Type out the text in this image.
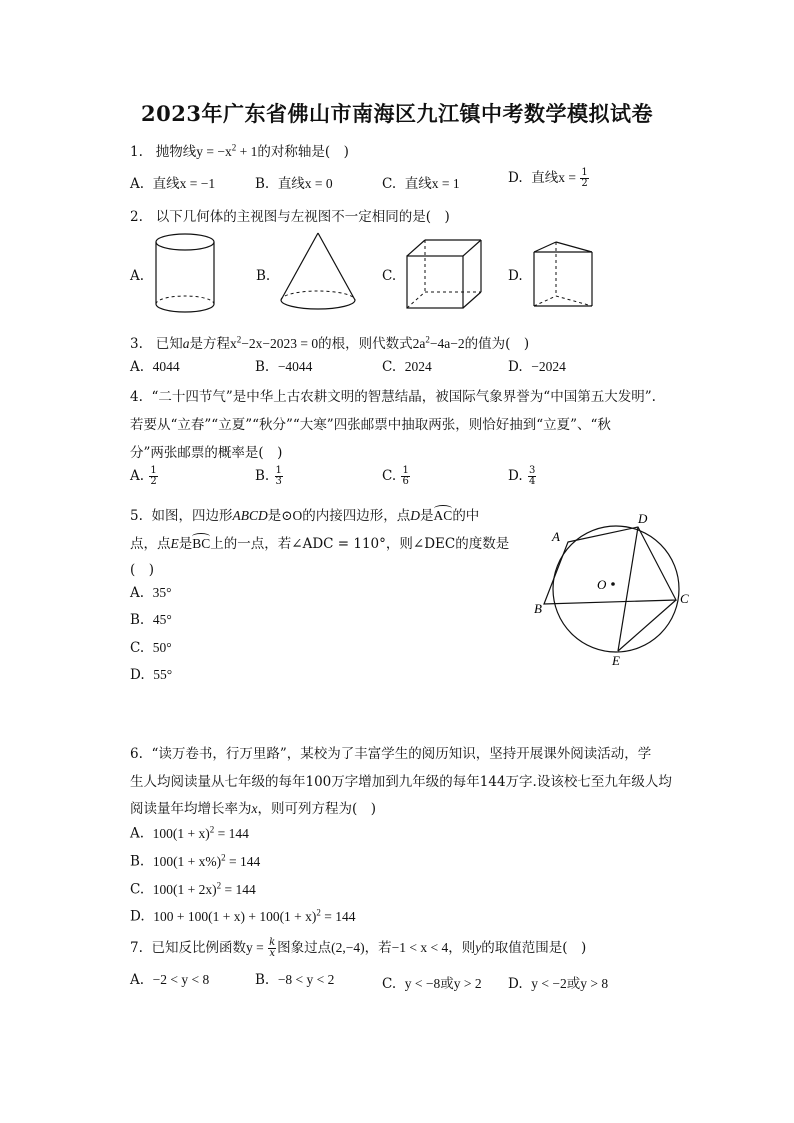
2023年广东省佛山市南海区九江镇中考数学模拟试卷
1. 抛物线$y = -x^2 + 1$的对称轴是(　)
A. 直线x = −1	B. 直线x = 0	C. 直线x = 1	D. 直线$x = \frac{1}{2}$
2. 以下几何体的主视图与左视图不一定相同的是(　)
A.	B.	C.	D.
3. 已知a是方程$x^2-2x-2023 = 0$的根，则代数式$2a^2-4a-2$的值为(　)
A. 4044	B. −4044	C. 2024	D. −2024
4. “二十四节气”是中华上古农耕文明的智慧结晶，被国际气象界誉为“中国第五大发明”.
若要从“立春”“立夏”“秋分”“大寒”四张邮票中抽取两张，则恰好抽到“立夏”、“秋
分”两张邮票的概率是(　)
A. $\frac{1}{2}$	B. $\frac{1}{3}$	C. $\frac{1}{6}$	D. $\frac{3}{4}$
5. 如图，四边形ABCD是⊙O的内接四边形，点D是AC的中
点，点E是BC上的一点，若∠ADC = 110°，则∠DEC的度数是
(　)
A. 35°
B. 45°
C. 50°
D. 55°
A
D
C
B
E
O
6. “读万卷书，行万里路”，某校为了丰富学生的阅历知识，坚持开展课外阅读活动，学
生人均阅读量从七年级的每年100万字增加到九年级的每年144万字.设该校七至九年级人均
阅读量年均增长率为x，则可列方程为(　)
A. $100(1 + x)^2 = 144$
B. $100(1 + x\%)^2 = 144$
C. $100(1 + 2x)^2 = 144$
D. $100 + 100(1 + x) + 100(1 + x)^2 = 144$
7. 已知反比例函数$y = \frac{k}{x}$ 图象过点(2,−4)，若−1 < x < 4，则y的取值范围是(　)
A. −2 < y < 8	B. −8 < y < 2	C. y < −8或y > 2 D. y < −2或y > 8
